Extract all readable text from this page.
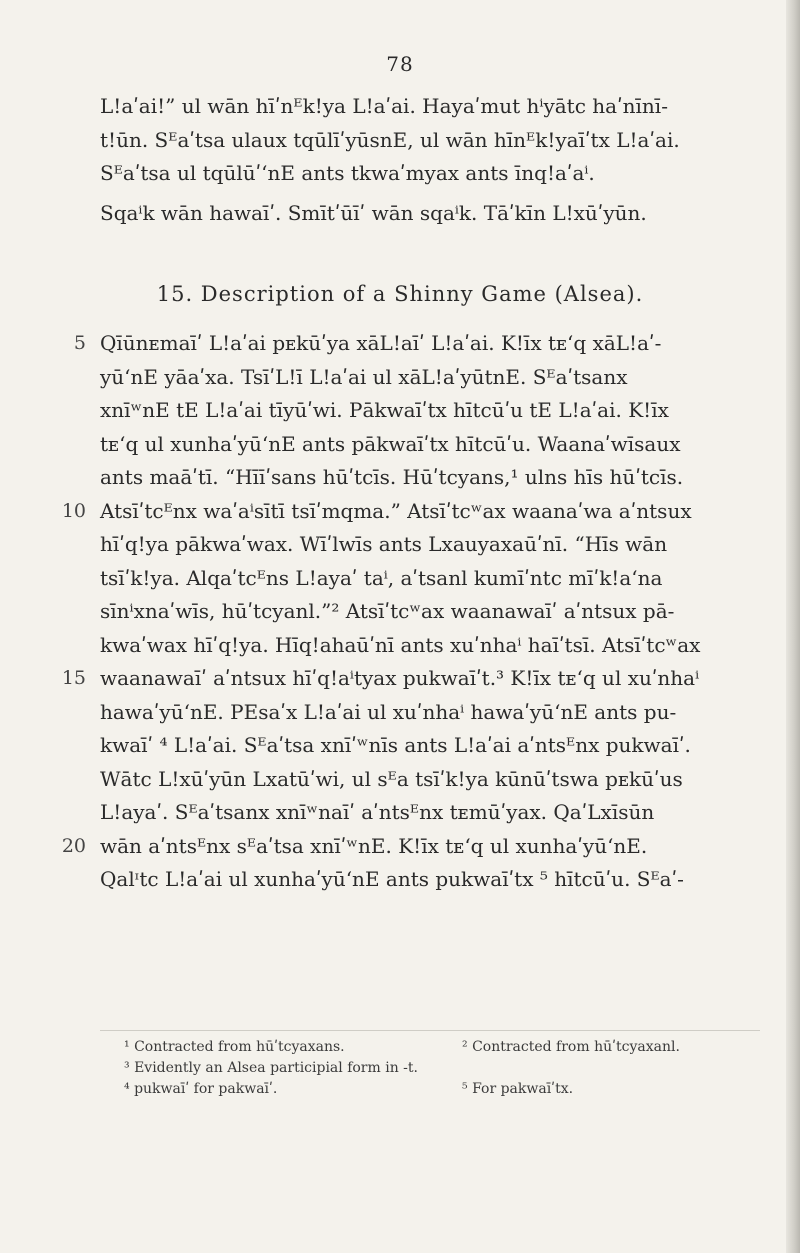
78
L!aʹai!” ul wān hīʹnᴱk!ya L!aʹai. Hayaʹmut hⁱyātc haʹnīnī-
t!ūn. Sᴱaʹtsa ulaux tqūlīʹyūsnE, ul wān hīnᴱk!yaīʹtx L!aʹai.
Sᴱaʹtsa ul tqūlūʹ‘nE ants tkwaʹmyax ants īnq!aʹaⁱ.
Sqaⁱk wān hawaīʹ. Smītʹūīʹ wān sqaⁱk. Tāʹkīn L!xūʹyūn.
15. Description of a Shinny Game (Alsea).
5 Qīūnᴇmaīʹ L!aʹai pᴇkūʹya xāL!aīʹ L!aʹai. K!īx tᴇ‘q xāL!aʹ-
yū‘nE yāaʹxa. TsīʹL!ī L!aʹai ul xāL!aʹyūtnE. Sᴱaʹtsanx
xnīʷnE tE L!aʹai tīyūʹwi. Pākwaīʹtx hītcūʹu tE L!aʹai. K!īx
tᴇ‘q ul xunhaʹyū‘nE ants pākwaīʹtx hītcūʹu. Waanaʹwīsaux
ants maāʹtī. “Hīīʹsans hūʹtcīs. Hūʹtcyans,¹ ulns hīs hūʹtcīs.
10 Atsīʹtcᴱnx waʹaⁱsītī tsīʹmqma.” Atsīʹtcʷax waanaʹwa aʹntsux
hīʹq!ya pākwaʹwax. Wīʹlwīs ants Lxauyaxaūʹnī. “Hīs wān
tsīʹk!ya. Alqaʹtcᴱns L!ayaʹ taⁱ, aʹtsanl kumīʹntc mīʹk!a‘na
sīnⁱxnaʹwīs, hūʹtcyanl.”² Atsīʹtcʷax waanawaīʹ aʹntsux pā-
kwaʹwax hīʹq!ya. Hīq!ahaūʹnī ants xuʹnhaⁱ haīʹtsī. Atsīʹtcʷax
15 waanawaīʹ aʹntsux hīʹq!aⁱtyax pukwaīʹt.³ K!īx tᴇ‘q ul xuʹnhaⁱ
hawaʹyū‘nE. PEsaʹx L!aʹai ul xuʹnhaⁱ hawaʹyū‘nE ants pu-
kwaīʹ ⁴ L!aʹai. Sᴱaʹtsa xnīʹʷnīs ants L!aʹai aʹntsᴱnx pukwaīʹ.
Wātc L!xūʹyūn Lxatūʹwi, ul sᴱa tsīʹk!ya kūnūʹtswa pᴇkūʹus
L!ayaʹ. Sᴱaʹtsanx xnīʷnaīʹ aʹntsᴱnx tᴇmūʹyax. QaʹLxīsūn
20 wān aʹntsᴱnx sᴱaʹtsa xnīʹʷnE. K!īx tᴇ‘q ul xunhaʹyū‘nE.
Qalᶦtc L!aʹai ul xunhaʹyū‘nE ants pukwaīʹtx ⁵ hītcūʹu. Sᴱaʹ-
¹ Contracted from hūʹtcyaxans.	² Contracted from hūʹtcyaxanl.
³ Evidently an Alsea participial form in -t.
⁴ pukwaīʹ for pakwaīʹ.	⁵ For pakwaīʹtx.
